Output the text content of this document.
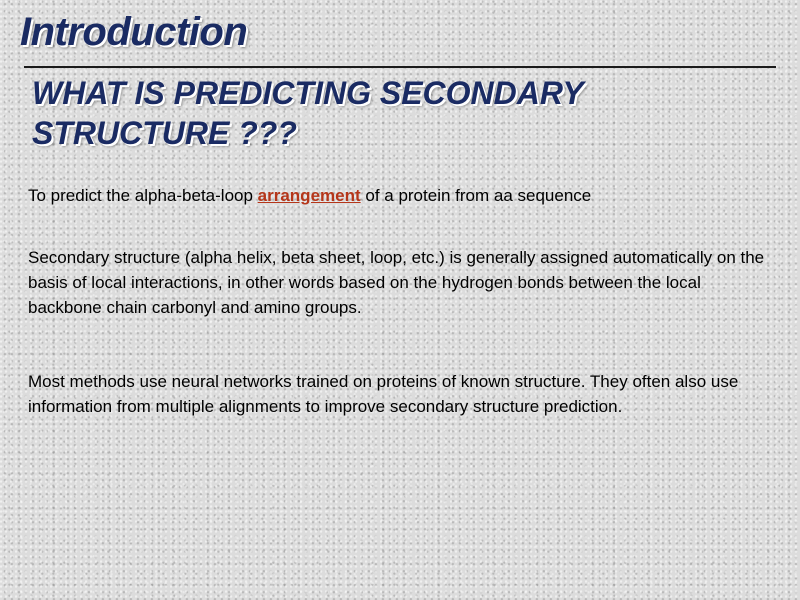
Introduction
WHAT IS PREDICTING SECONDARY STRUCTURE ???
To predict the alpha-beta-loop arrangement of a protein from aa sequence
Secondary structure (alpha helix, beta sheet, loop, etc.) is generally assigned automatically on the basis of local interactions, in other words based on the hydrogen bonds between the local backbone chain carbonyl and amino groups.
Most methods use neural networks trained on proteins of known structure. They often also use information from multiple alignments to improve secondary structure prediction.
